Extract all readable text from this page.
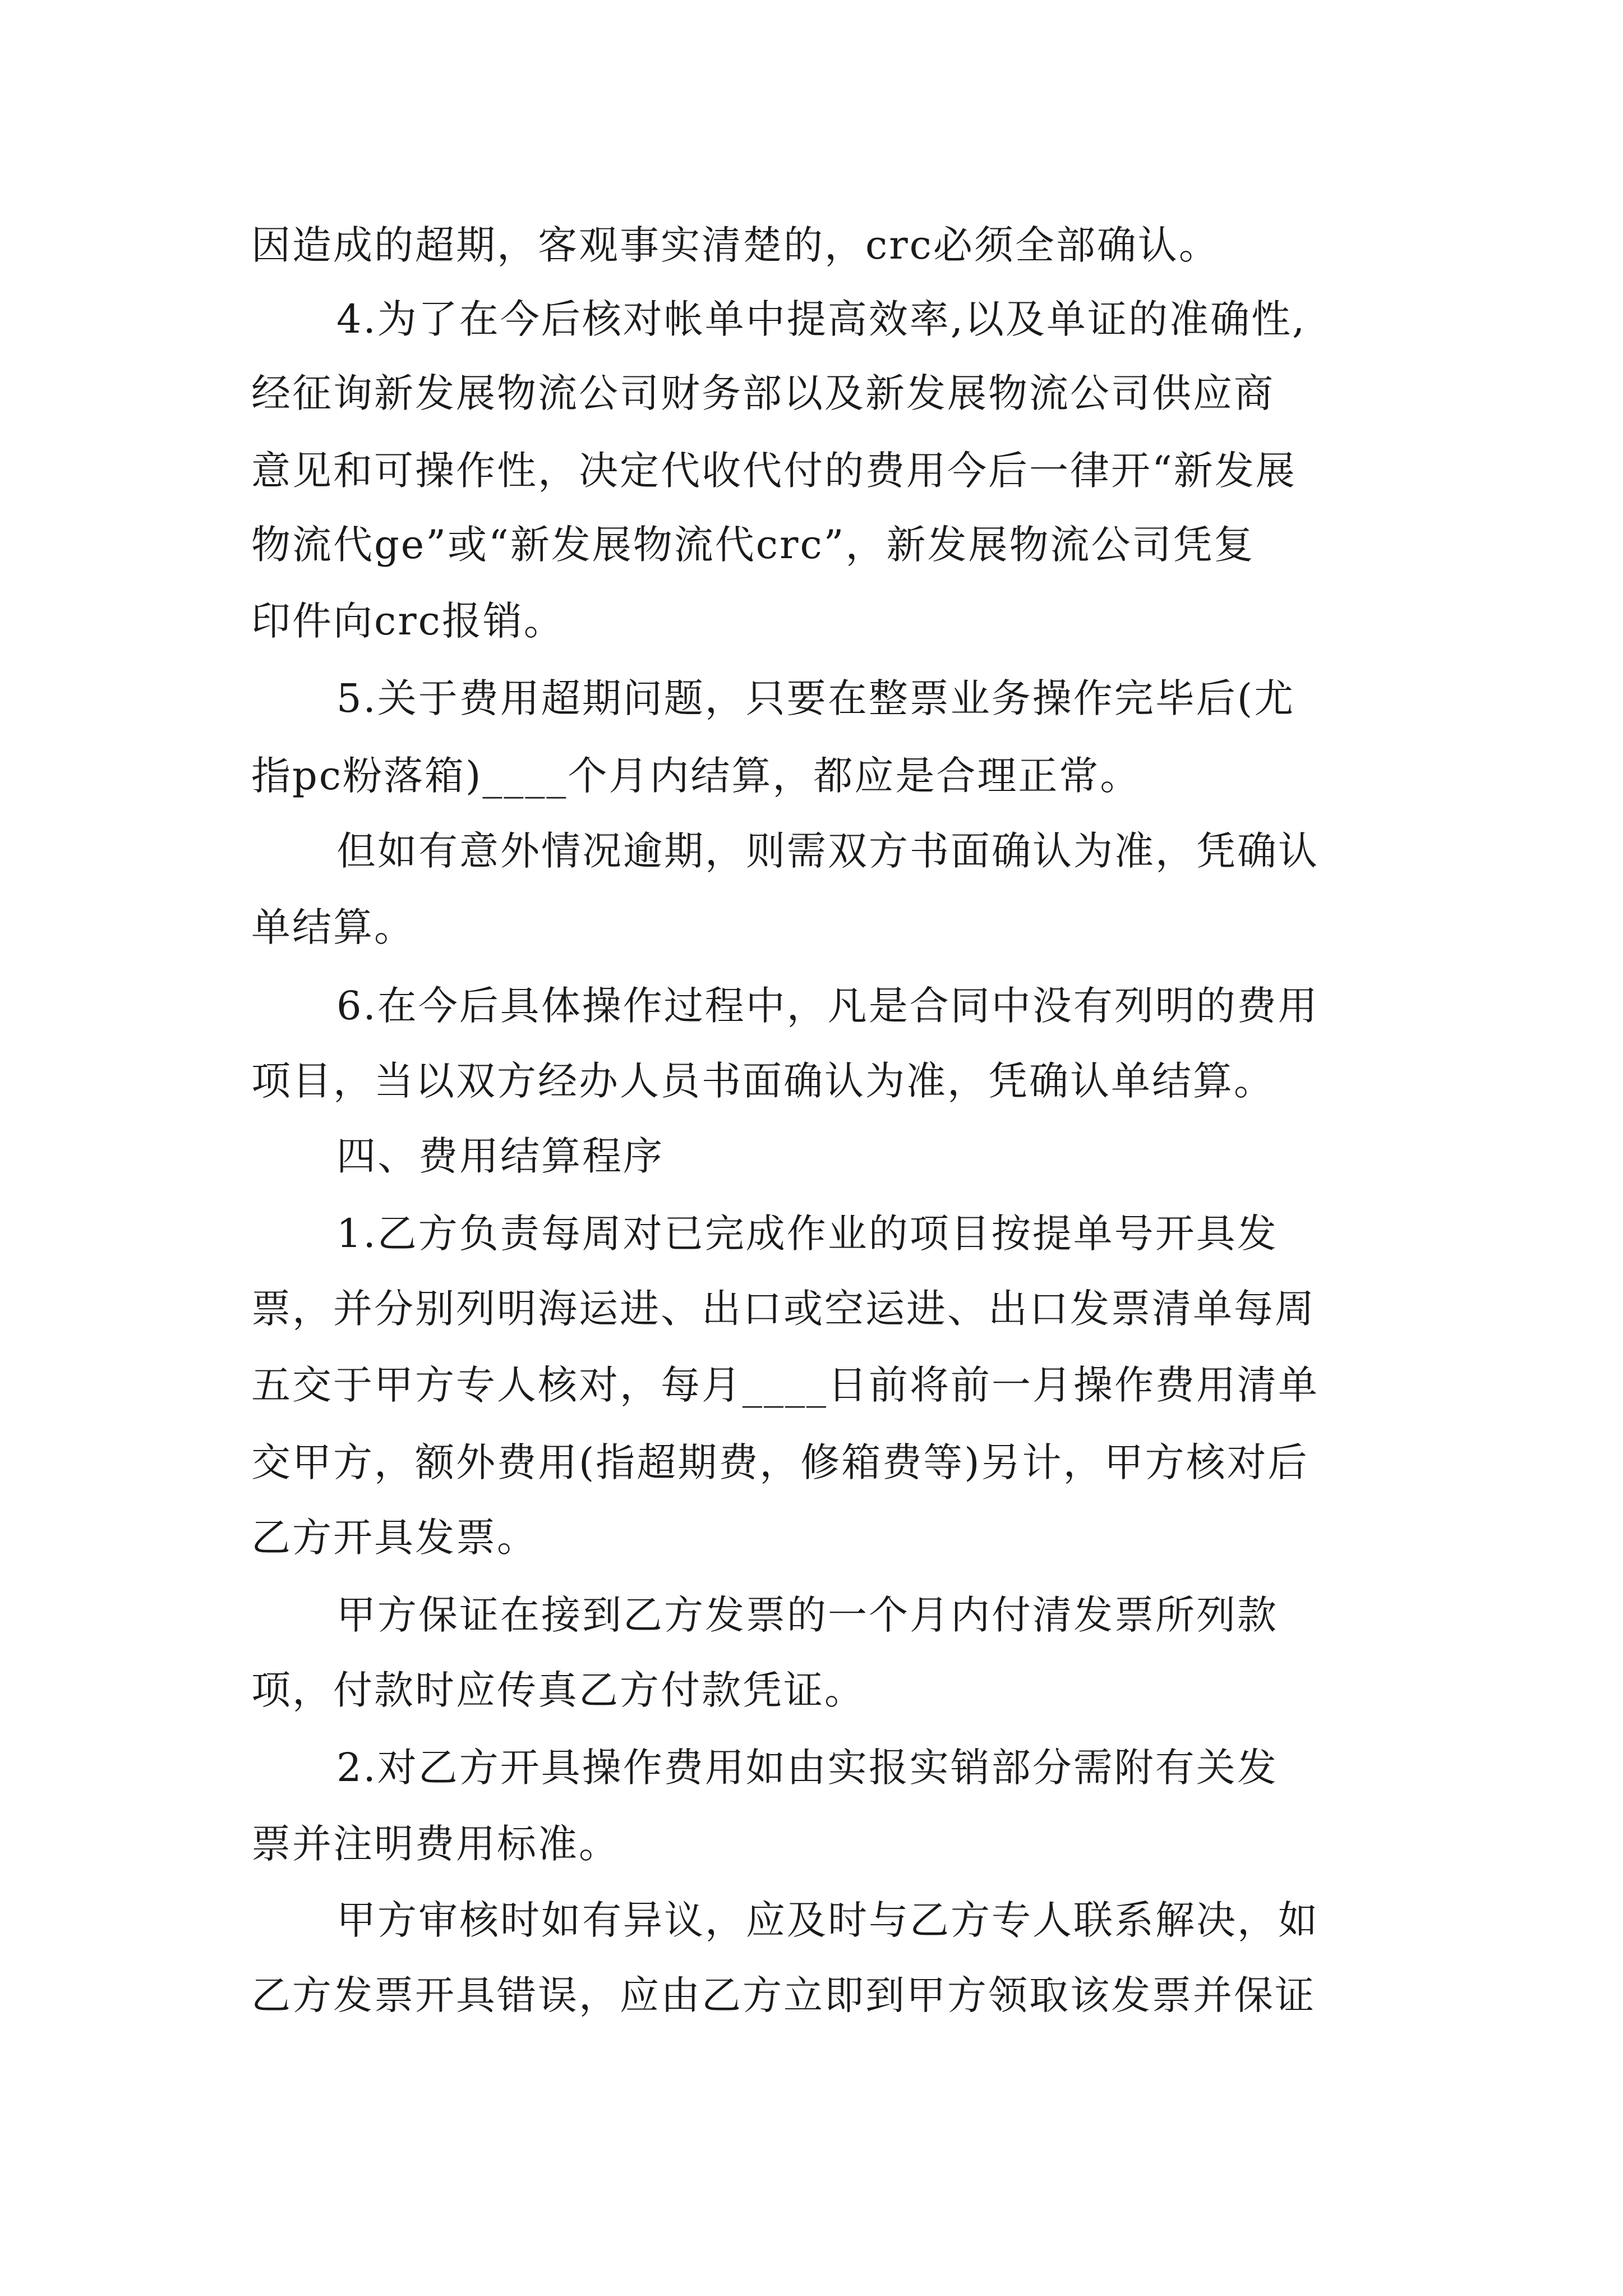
因造成的超期，客观事实清楚的，crc必须全部确认。
4.为了在今后核对帐单中提高效率,以及单证的准确性,
经征询新发展物流公司财务部以及新发展物流公司供应商
意见和可操作性，决定代收代付的费用今后一律开“新发展
物流代ge”或“新发展物流代crc”，新发展物流公司凭复
印件向crc报销。
5.关于费用超期问题，只要在整票业务操作完毕后(尤
指pc粉落箱)____个月内结算，都应是合理正常。
但如有意外情况逾期，则需双方书面确认为准，凭确认
单结算。
6.在今后具体操作过程中，凡是合同中没有列明的费用
项目，当以双方经办人员书面确认为准，凭确认单结算。
四、费用结算程序
1.乙方负责每周对已完成作业的项目按提单号开具发
票，并分别列明海运进、出口或空运进、出口发票清单每周
五交于甲方专人核对，每月____日前将前一月操作费用清单
交甲方，额外费用(指超期费，修箱费等)另计，甲方核对后
乙方开具发票。
甲方保证在接到乙方发票的一个月内付清发票所列款
项，付款时应传真乙方付款凭证。
2.对乙方开具操作费用如由实报实销部分需附有关发
票并注明费用标准。
甲方审核时如有异议，应及时与乙方专人联系解决，如
乙方发票开具错误，应由乙方立即到甲方领取该发票并保证
